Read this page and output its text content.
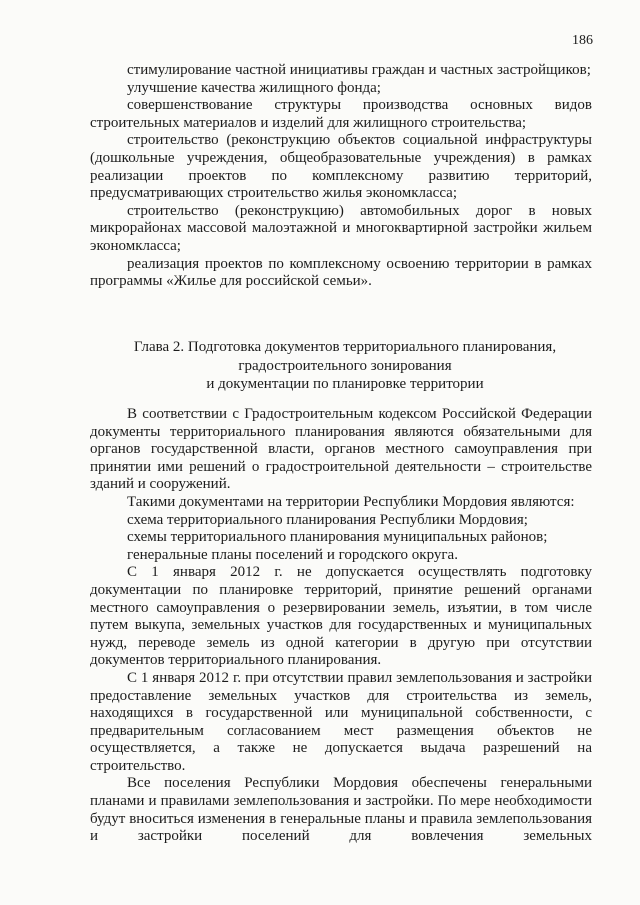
186

стимулирование частной инициативы граждан и частных застройщиков;

улучшение качества жилищного фонда;

совершенствование структуры производства основных видов строительных материалов и изделий для жилищного строительства;

строительство (реконструкцию объектов социальной инфраструктуры (дошкольные учреждения, общеобразовательные учреждения) в рамках реализации проектов по комплексному развитию территорий, предусматривающих строительство жилья экономкласса;

строительство (реконструкцию) автомобильных дорог в новых микрорайонах массовой малоэтажной и многоквартирной застройки жильем экономкласса;

реализация проектов по комплексному освоению территории в рамках программы «Жилье для российской семьи».

Глава 2. Подготовка документов территориального планирования,
градостроительного зонирования
и документации по планировке территории

В соответствии с Градостроительным кодексом Российской Федерации документы территориального планирования являются обязательными для органов государственной власти, органов местного самоуправления при принятии ими решений о градостроительной деятельности – строительстве зданий и сооружений.

Такими документами на территории Республики Мордовия являются:

схема территориального планирования Республики Мордовия;

схемы территориального планирования муниципальных районов;

генеральные планы поселений и городского округа.

С 1 января 2012 г. не допускается осуществлять подготовку документации по планировке территорий, принятие решений органами местного самоуправления о резервировании земель, изъятии, в том числе путем выкупа, земельных участков для государственных и муниципальных нужд, переводе земель из одной категории в другую при отсутствии документов территориального планирования.

С 1 января 2012 г. при отсутствии правил землепользования и застройки предоставление земельных участков для строительства из земель, находящихся в государственной или муниципальной собственности, с предварительным согласованием мест размещения объектов не осуществляется, а также не допускается выдача разрешений на строительство.

Все поселения Республики Мордовия обеспечены генеральными планами и правилами землепользования и застройки. По мере необходимости будут вноситься изменения в генеральные планы и правила землепользования и застройки поселений для вовлечения земельных
